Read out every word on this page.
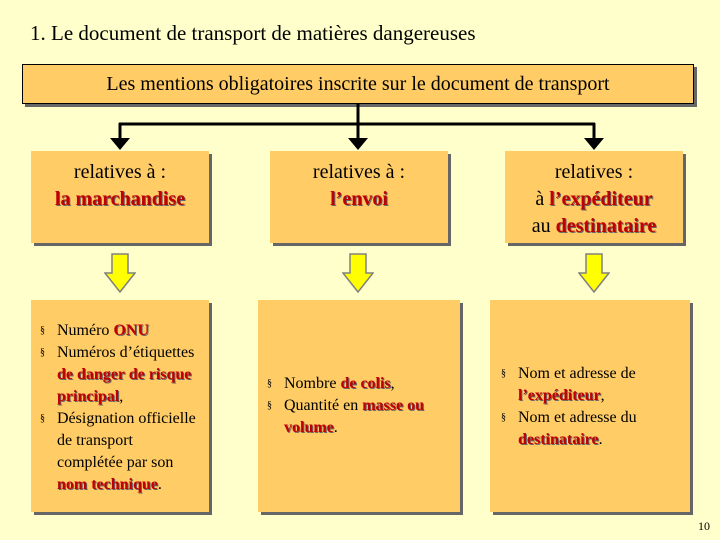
1. Le document de transport de matières dangereuses
Les mentions obligatoires inscrite sur le document de transport
relatives à :
la marchandise
relatives à :
l’envoi
relatives :
à l’expéditeur
au destinataire
§ Numéro ONU
§ Numéros d’étiquettes de danger de risque principal,
§ Désignation officielle de transport complétée par son nom technique.
§ Nombre de colis,
§ Quantité en masse ou volume.
§ Nom et adresse de l’expéditeur,
§ Nom et adresse du destinataire.
10
